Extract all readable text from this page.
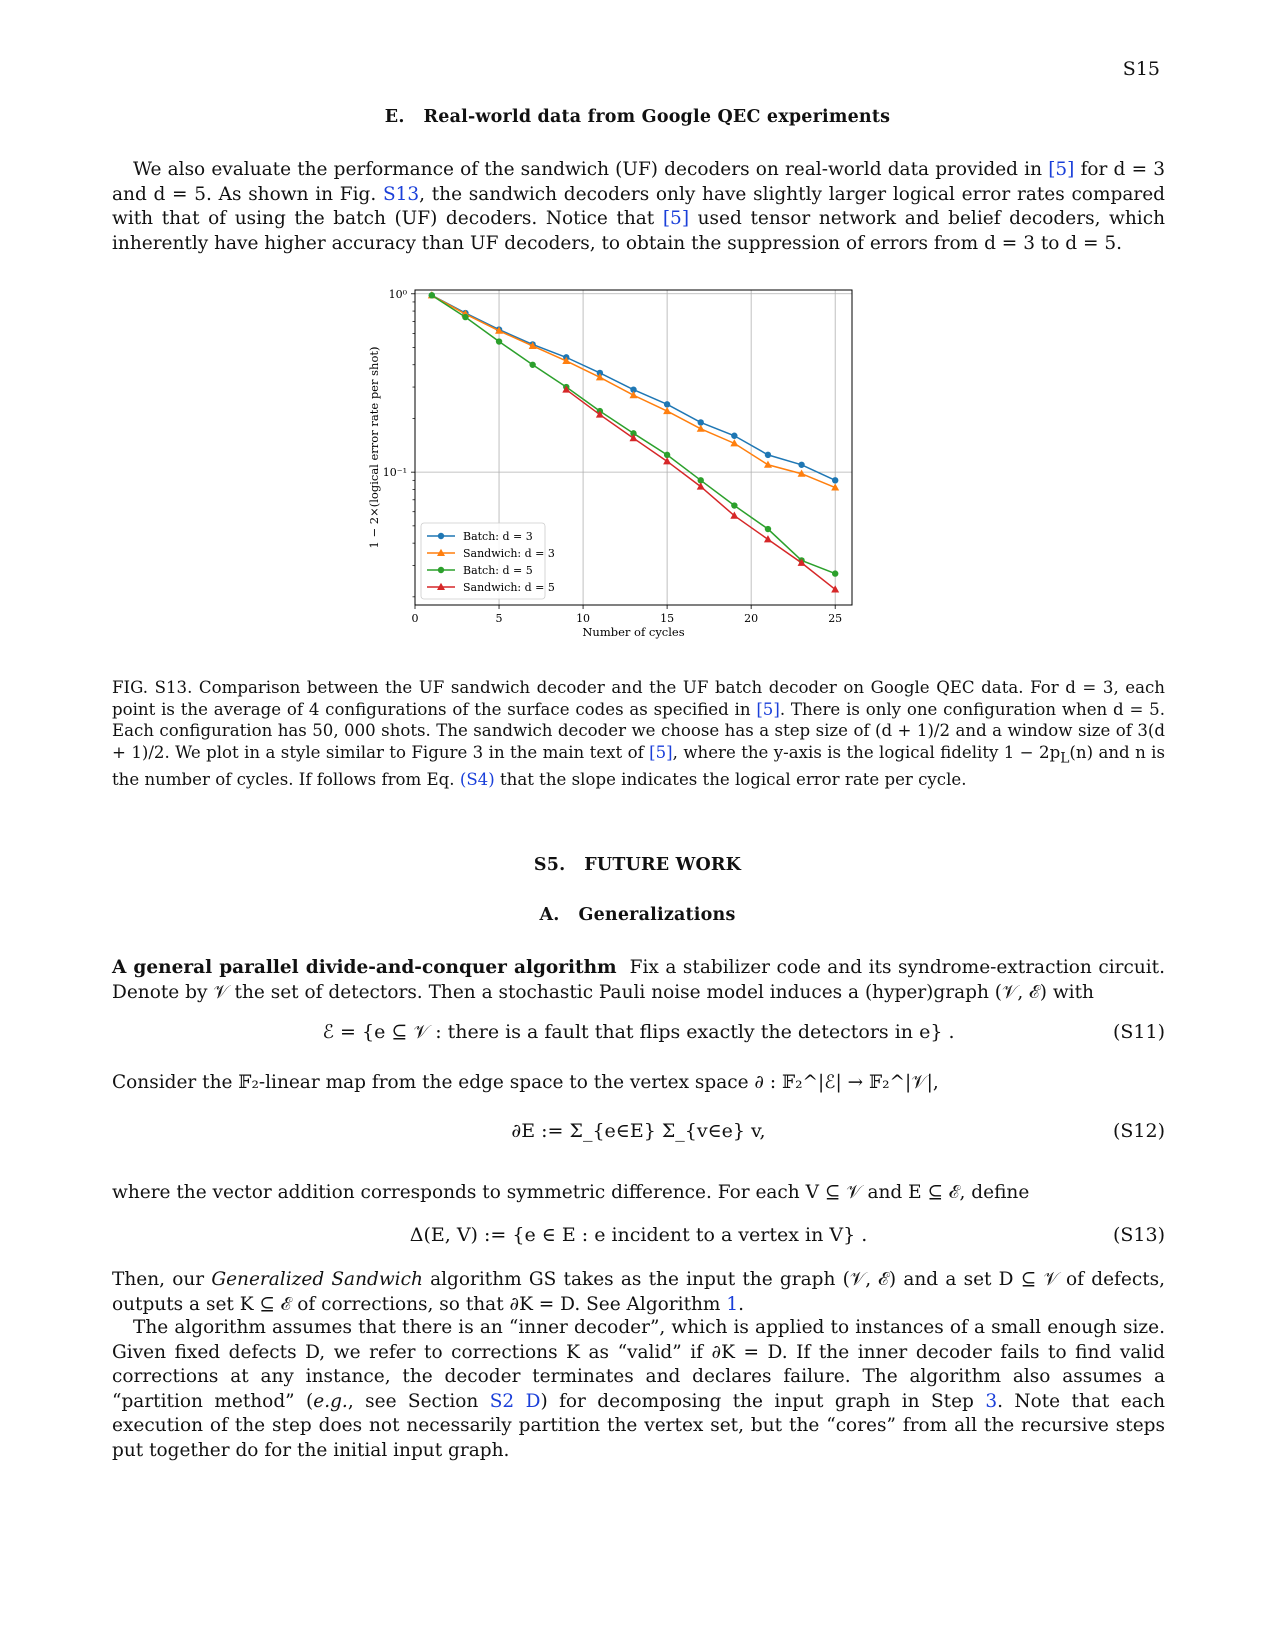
S15
E.   Real-world data from Google QEC experiments

We also evaluate the performance of the sandwich (UF) decoders on real-world data provided in [5] for d = 3 and d = 5. As shown in Fig. S13, the sandwich decoders only have slightly larger logical error rates compared with that of using the batch (UF) decoders. Notice that [5] used tensor network and belief decoders, which inherently have higher accuracy than UF decoders, to obtain the suppression of errors from d = 3 to d = 5.

0	5	10	15	20	25
10⁰
10⁻¹
Number of cycles
1 − 2×(logical error rate per shot)	Batch: d = 3
Sandwich: d = 3
Batch: d = 5
Sandwich: d = 5

FIG. S13. Comparison between the UF sandwich decoder and the UF batch decoder on Google QEC data. For d = 3, each point is the average of 4 configurations of the surface codes as specified in [5]. There is only one configuration when d = 5. Each configuration has 50, 000 shots. The sandwich decoder we choose has a step size of (d + 1)/2 and a window size of 3(d + 1)/2. We plot in a style similar to Figure 3 in the main text of [5], where the y-axis is the logical fidelity $1 - 2p_L(n)$ and n is the number of cycles. If follows from Eq. (S4) that the slope indicates the logical error rate per cycle.

S5.   FUTURE WORK
A.   Generalizations

A general parallel divide-and-conquer algorithm  Fix a stabilizer code and its syndrome-extraction circuit. Denote by 𝒱 the set of detectors. Then a stochastic Pauli noise model induces a (hyper)graph (𝒱, ℰ) with

ℰ = {e ⊆ 𝒱 : there is a fault that flips exactly the detectors in e} .	(S11)

Consider the 𝔽₂-linear map from the edge space to the vertex space ∂ : 𝔽₂^|ℰ| → 𝔽₂^|𝒱|,

∂E := Σ_{e∈E} Σ_{v∈e} v,	(S12)

where the vector addition corresponds to symmetric difference. For each V ⊆ 𝒱 and E ⊆ ℰ, define

Δ(E, V) := {e ∈ E : e incident to a vertex in V} .	(S13)

Then, our Generalized Sandwich algorithm GS takes as the input the graph (𝒱, ℰ) and a set D ⊆ 𝒱 of defects, outputs a set K ⊆ ℰ of corrections, so that ∂K = D. See Algorithm 1.

The algorithm assumes that there is an “inner decoder”, which is applied to instances of a small enough size. Given fixed defects D, we refer to corrections K as “valid” if ∂K = D. If the inner decoder fails to find valid corrections at any instance, the decoder terminates and declares failure. The algorithm also assumes a “partition method” (e.g., see Section S2 D) for decomposing the input graph in Step 3. Note that each execution of the step does not necessarily partition the vertex set, but the “cores” from all the recursive steps put together do for the initial input graph.
